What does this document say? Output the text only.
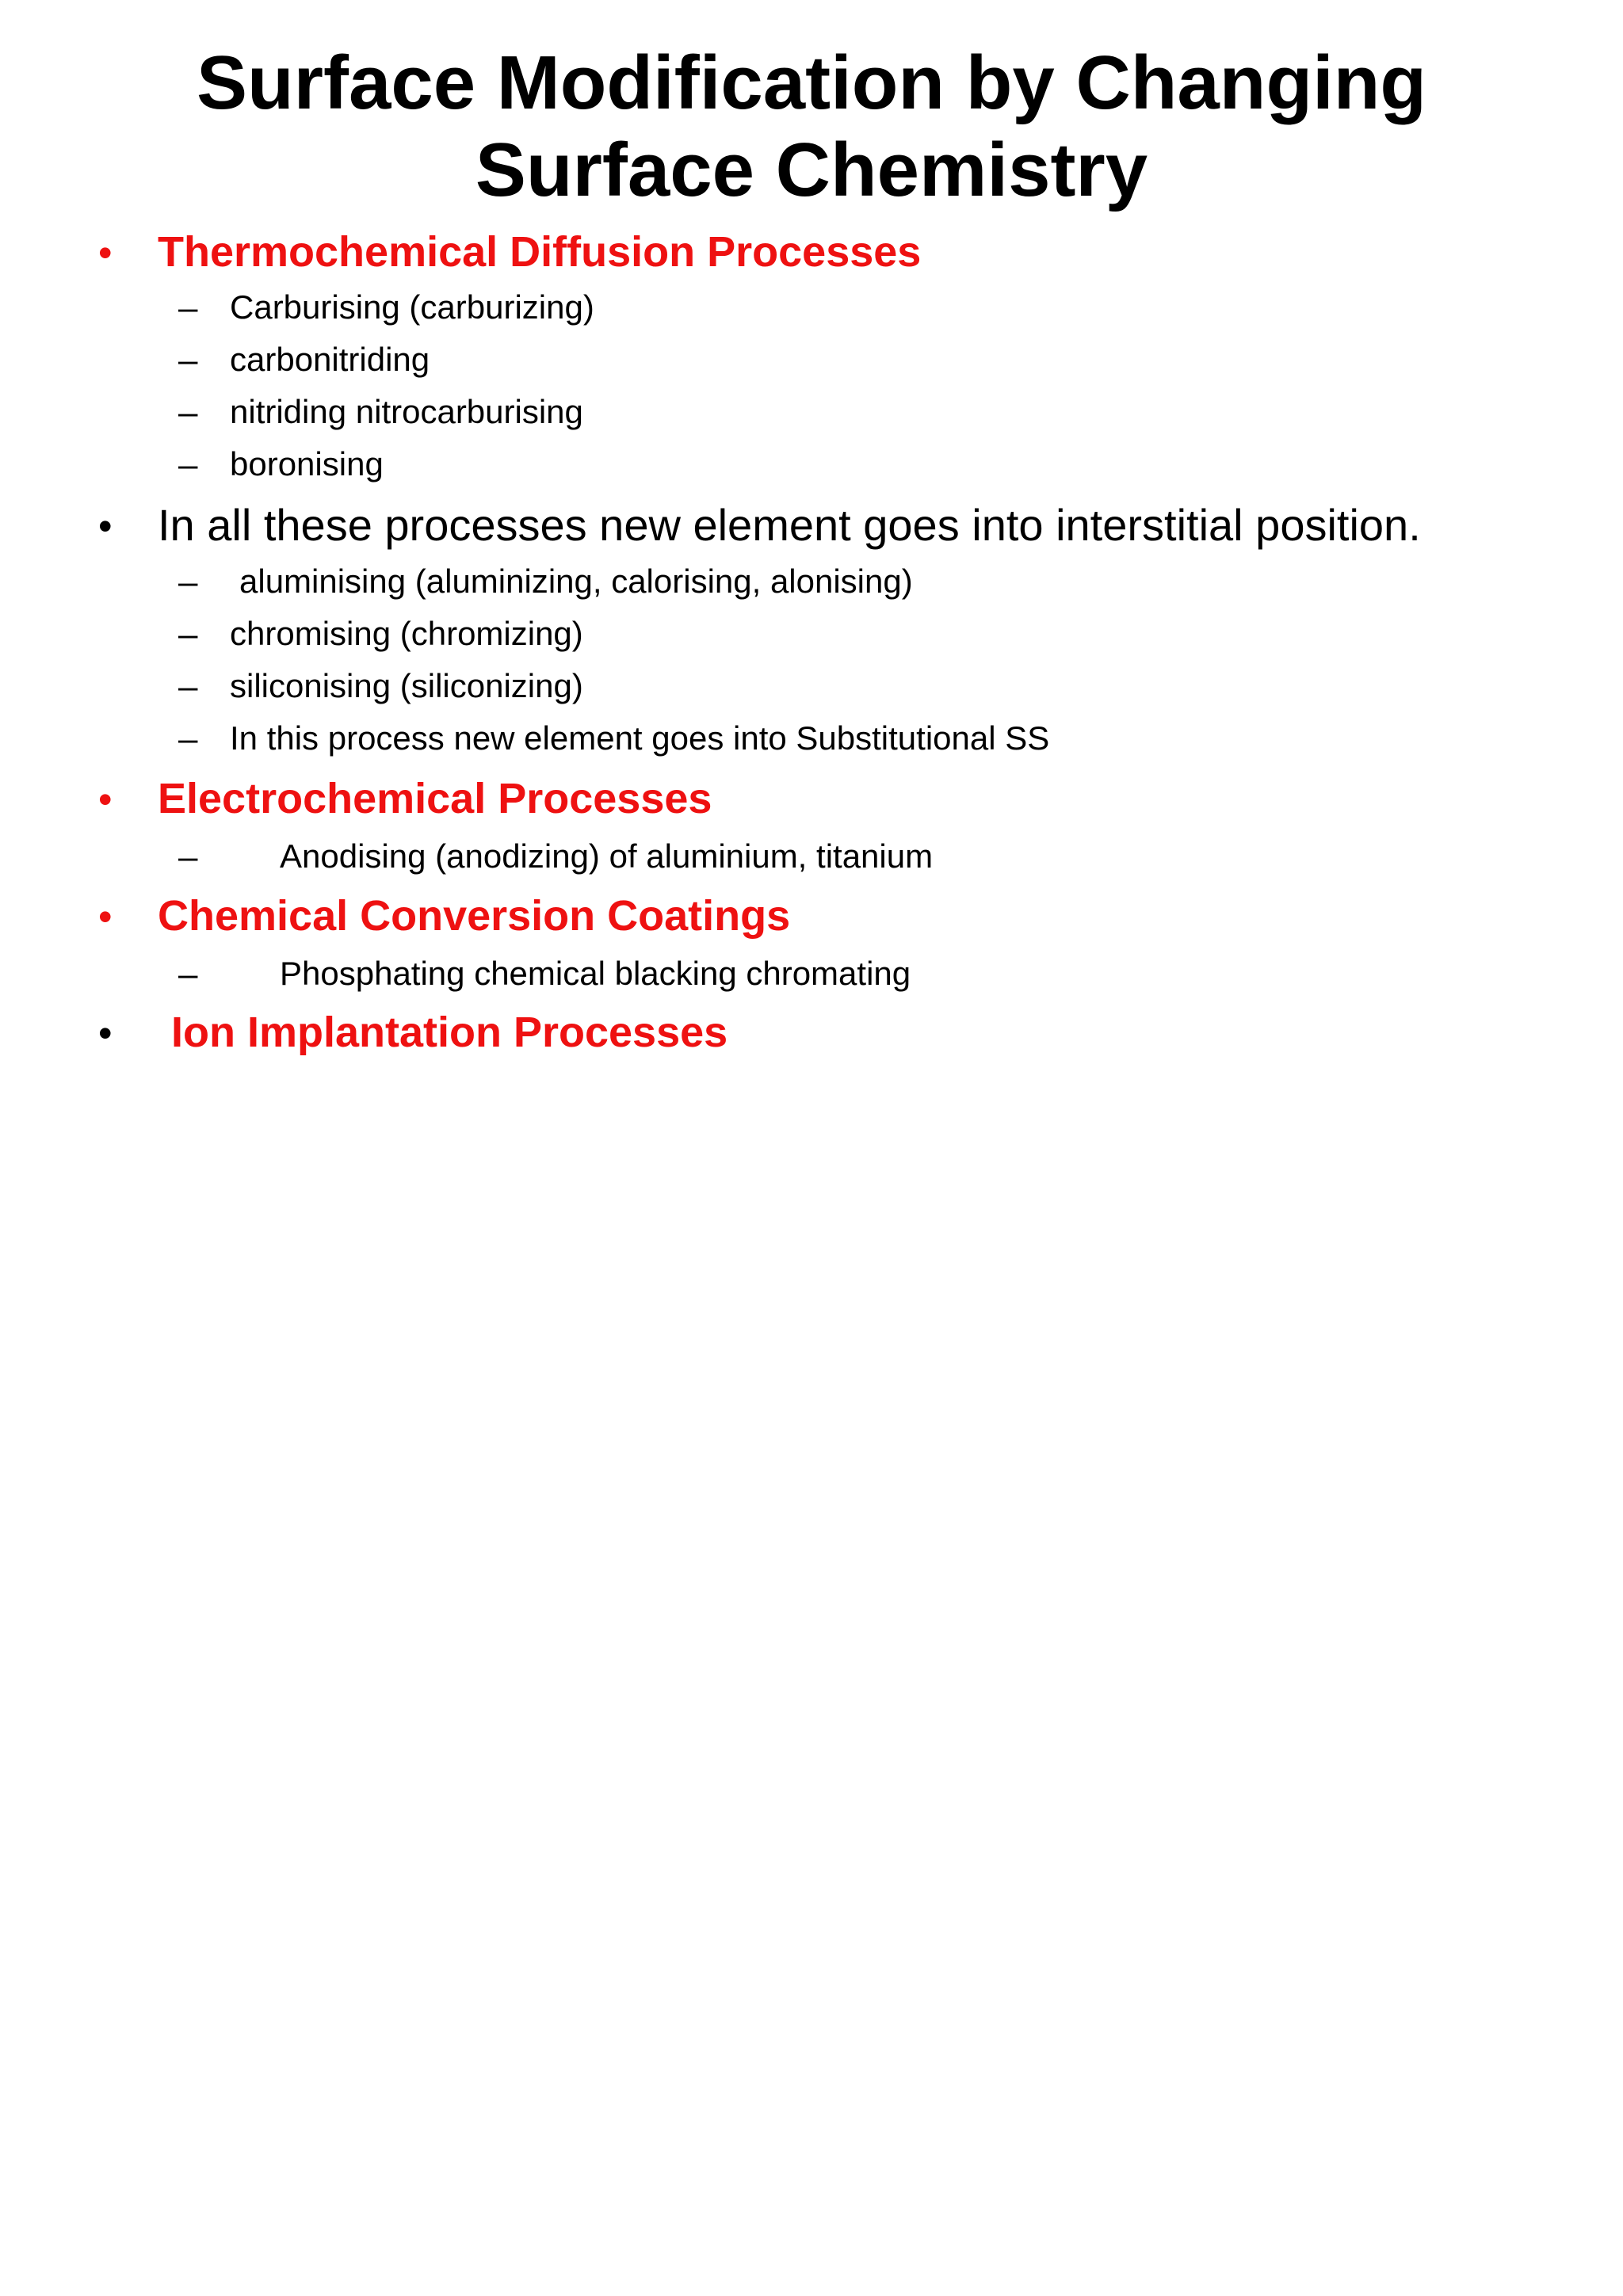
Surface Modification by Changing
Surface Chemistry
• Thermochemical Diffusion Processes
– Carburising (carburizing)
– carbonitriding
– nitriding nitrocarburising
– boronising
• In all these processes new element goes into interstitial position.
– aluminising (aluminizing, calorising, alonising)
– chromising (chromizing)
– siliconising (siliconizing)
– In this process new element goes into Substitutional SS
• Electrochemical Processes
– Anodising (anodizing) of aluminium, titanium
• Chemical Conversion Coatings
– Phosphating chemical blacking chromating
• Ion Implantation Processes
